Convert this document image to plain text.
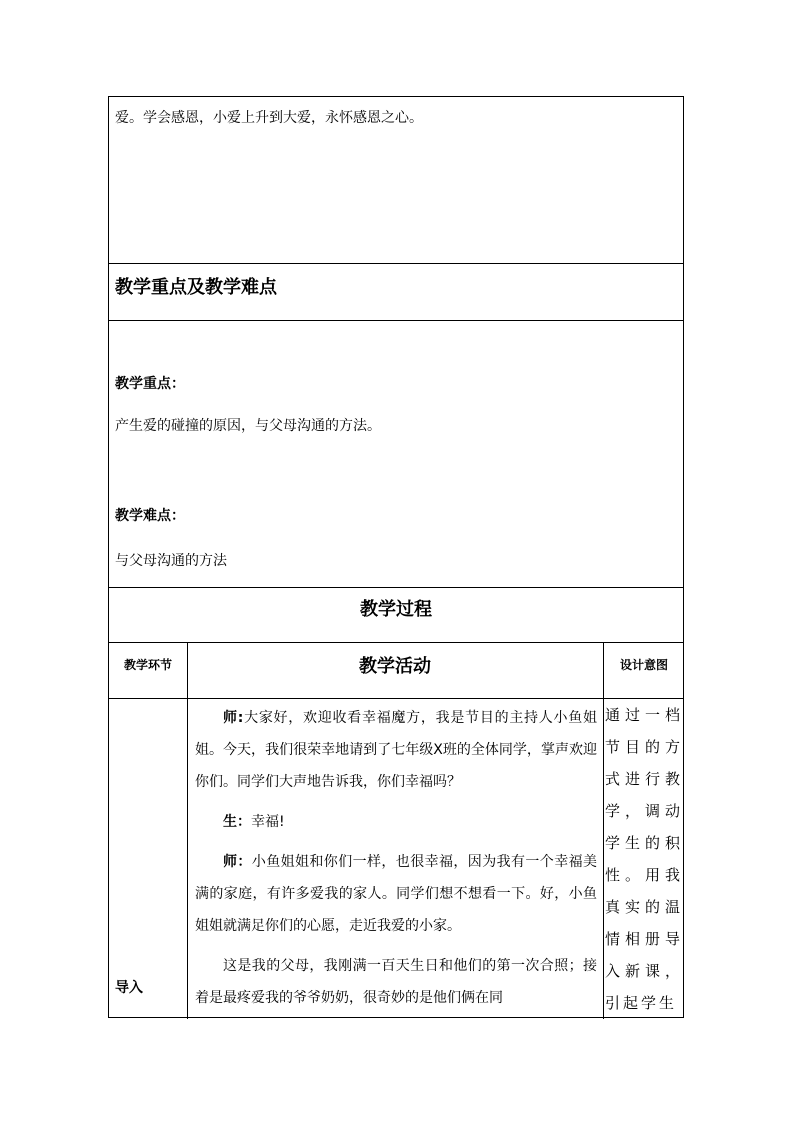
爱。学会感恩，小爱上升到大爱，永怀感恩之心。
教学重点及教学难点
教学重点：
产生爱的碰撞的原因，与父母沟通的方法。
教学难点：
与父母沟通的方法
教学过程
教学环节	教学活动	设计意图
导入

师:大家好，欢迎收看幸福魔方，我是节目的主持人小鱼姐姐。今天，我们很荣幸地请到了七年级X班的全体同学，掌声欢迎你们。同学们大声地告诉我，你们幸福吗？

生：幸福!

师：小鱼姐姐和你们一样，也很幸福，因为我有一个幸福美满的家庭，有许多爱我的家人。同学们想不想看一下。好，小鱼姐姐就满足你们的心愿，走近我爱的小家。

这是我的父母，我刚满一百天生日和他们的第一次合照；接着是最疼爱我的爷爷奶奶，很奇妙的是他们俩在同

通过一档节目的方式进行教学，调动学生的积性。用我真实的温情相册导入新课，引起学生
